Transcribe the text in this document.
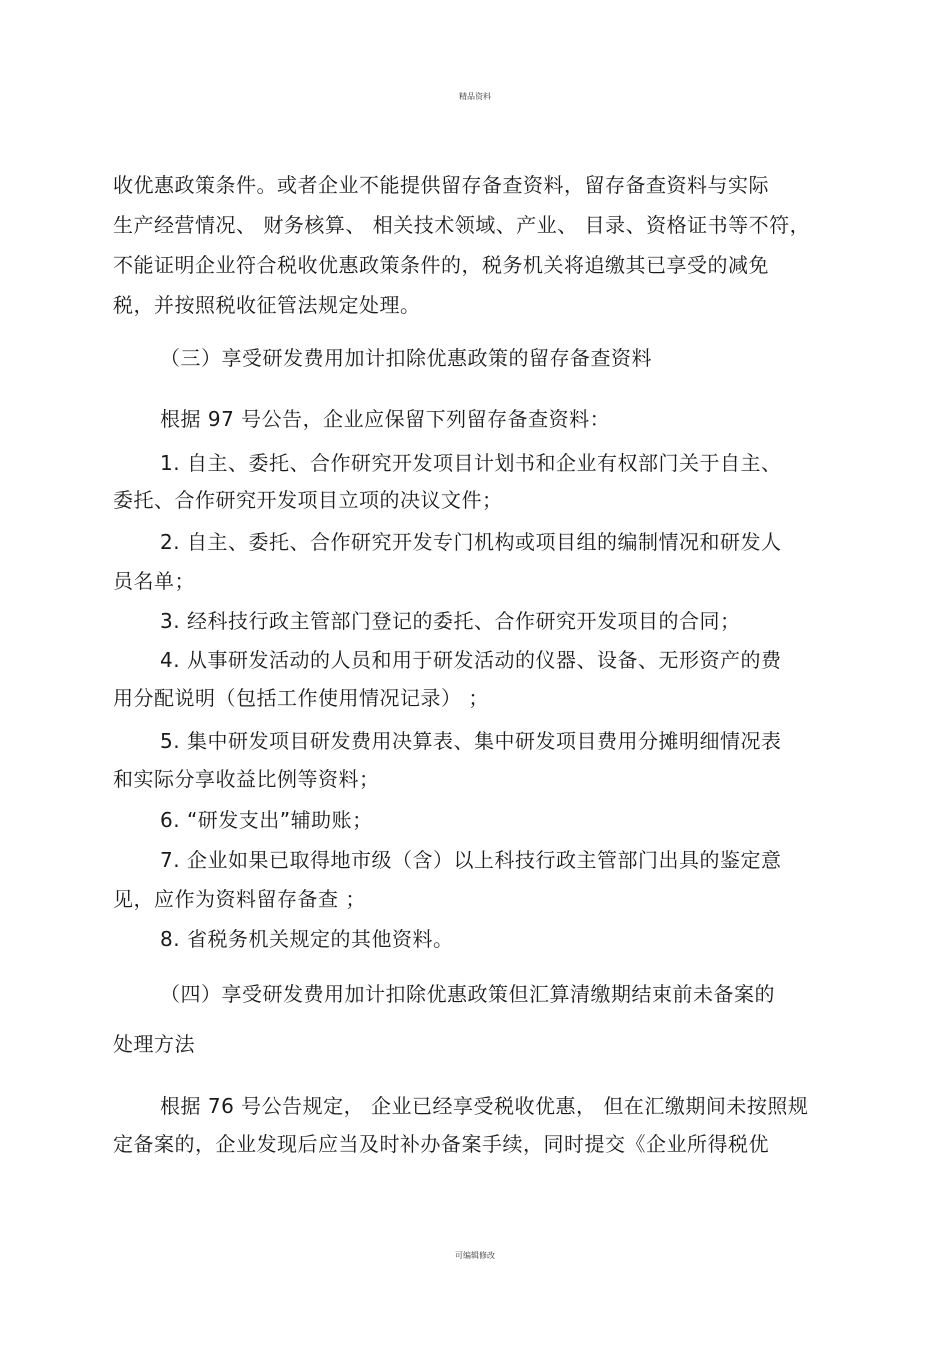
精品资料
收优惠政策条件。或者企业不能提供留存备查资料，留存备查资料与实际
生产经营情况、 财务核算、 相关技术领域、产业、 目录、资格证书等不符，
不能证明企业符合税收优惠政策条件的，税务机关将追缴其已享受的减免
税，并按照税收征管法规定处理。
（三）享受研发费用加计扣除优惠政策的留存备查资料
根据 97 号公告，企业应保留下列留存备查资料：
1. 自主、委托、合作研究开发项目计划书和企业有权部门关于自主、
委托、合作研究开发项目立项的决议文件；
2. 自主、委托、合作研究开发专门机构或项目组的编制情况和研发人
员名单；
3. 经科技行政主管部门登记的委托、合作研究开发项目的合同；
4. 从事研发活动的人员和用于研发活动的仪器、设备、无形资产的费
用分配说明（包括工作使用情况记录） ；
5. 集中研发项目研发费用决算表、集中研发项目费用分摊明细情况表
和实际分享收益比例等资料；
6. “研发支出”辅助账；
7. 企业如果已取得地市级（含）以上科技行政主管部门出具的鉴定意
见，应作为资料留存备查 ；
8. 省税务机关规定的其他资料。
（四）享受研发费用加计扣除优惠政策但汇算清缴期结束前未备案的
处理方法
根据 76 号公告规定， 企业已经享受税收优惠， 但在汇缴期间未按照规
定备案的，企业发现后应当及时补办备案手续，同时提交《企业所得税优
可编辑修改
